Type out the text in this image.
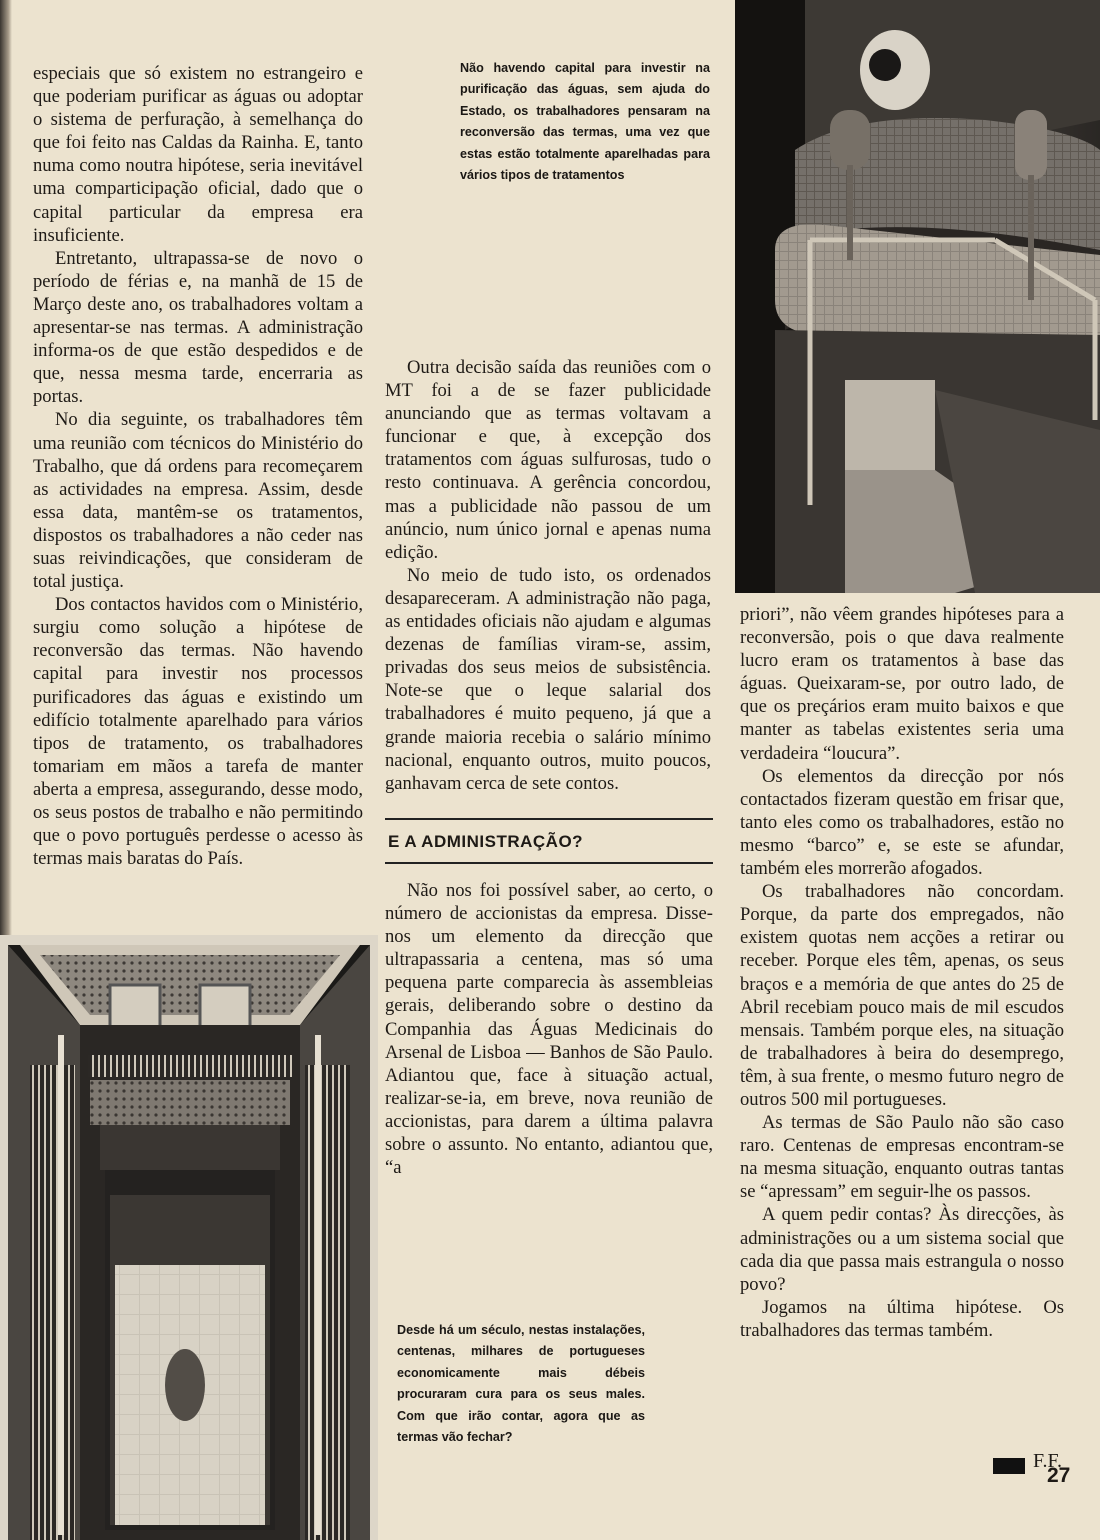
especiais que só existem no estrangeiro e que poderiam purificar as águas ou adoptar o sistema de perfuração, à semelhança do que foi feito nas Caldas da Rainha. E, tanto numa como noutra hipótese, seria inevitável uma comparticipação oficial, dado que o capital particular da empresa era insuficiente.

Entretanto, ultrapassa-se de novo o período de férias e, na manhã de 15 de Março deste ano, os trabalhadores voltam a apresentar-se nas termas. A administração informa-os de que estão despedidos e de que, nessa mesma tarde, encerraria as portas.

No dia seguinte, os trabalhadores têm uma reunião com técnicos do Ministério do Trabalho, que dá ordens para recomeçarem as actividades na empresa. Assim, desde essa data, mantêm-se os tratamentos, dispostos os trabalhadores a não ceder nas suas reivindicações, que consideram de total justiça.

Dos contactos havidos com o Ministério, surgiu como solução a hipótese de reconversão das termas. Não havendo capital para investir nos processos purificadores das águas e existindo um edifício totalmente aparelhado para vários tipos de tratamento, os trabalhadores tomariam em mãos a tarefa de manter aberta a empresa, assegurando, desse modo, os seus postos de trabalho e não permitindo que o povo português perdesse o acesso às termas mais baratas do País.

Não havendo capital para investir na purificação das águas, sem ajuda do Estado, os trabalhadores pensaram na reconversão das termas, uma vez que estas estão totalmente aparelhadas para vários tipos de tratamentos

Outra decisão saída das reuniões com o MT foi a de se fazer publicidade anunciando que as termas voltavam a funcionar e que, à excepção dos tratamentos com águas sulfurosas, tudo o resto continuava. A gerência concordou, mas a publicidade não passou de um anúncio, num único jornal e apenas numa edição.

No meio de tudo isto, os ordenados desapareceram. A administração não paga, as entidades oficiais não ajudam e algumas dezenas de famílias viram-se, assim, privadas dos seus meios de subsistência. Note-se que o leque salarial dos trabalhadores é muito pequeno, já que a grande maioria recebia o salário mínimo nacional, enquanto outros, muito poucos, ganhavam cerca de sete contos.

E A ADMINISTRAÇÃO?

Não nos foi possível saber, ao certo, o número de accionistas da empresa. Disse-nos um elemento da direcção que ultrapassaria a centena, mas só uma pequena parte comparecia às assembleias gerais, deliberando sobre o destino da Companhia das Águas Medicinais do Arsenal de Lisboa — Banhos de São Paulo. Adiantou que, face à situação actual, realizar-se-ia, em breve, nova reunião de accionistas, para darem a última palavra sobre o assunto. No entanto, adiantou que, “a

Desde há um século, nestas instalações, centenas, milhares de portugueses economicamente mais débeis procuraram cura para os seus males. Com que irão contar, agora que as termas vão fechar?

priori”, não vêem grandes hipóteses para a reconversão, pois o que dava realmente lucro eram os tratamentos à base das águas. Queixaram-se, por outro lado, de que os preçários eram muito baixos e que manter as tabelas existentes seria uma verdadeira “loucura”.

Os elementos da direcção por nós contactados fizeram questão em frisar que, tanto eles como os trabalhadores, estão no mesmo “barco” e, se este se afundar, também eles morrerão afogados.

Os trabalhadores não concordam. Porque, da parte dos empregados, não existem quotas nem acções a retirar ou receber. Porque eles têm, apenas, os seus braços e a memória de que antes do 25 de Abril recebiam pouco mais de mil escudos mensais. Também porque eles, na situação de trabalhadores à beira do desemprego, têm, à sua frente, o mesmo futuro negro de outros 500 mil portugueses.

As termas de São Paulo não são caso raro. Centenas de empresas encontram-se na mesma situação, enquanto outras tantas se “apressam” em seguir-lhe os passos.

A quem pedir contas? Às direcções, às administrações ou a um sistema social que cada dia que passa mais estrangula o nosso povo?

Jogamos na última hipótese. Os trabalhadores das termas também.

F.F.
27
